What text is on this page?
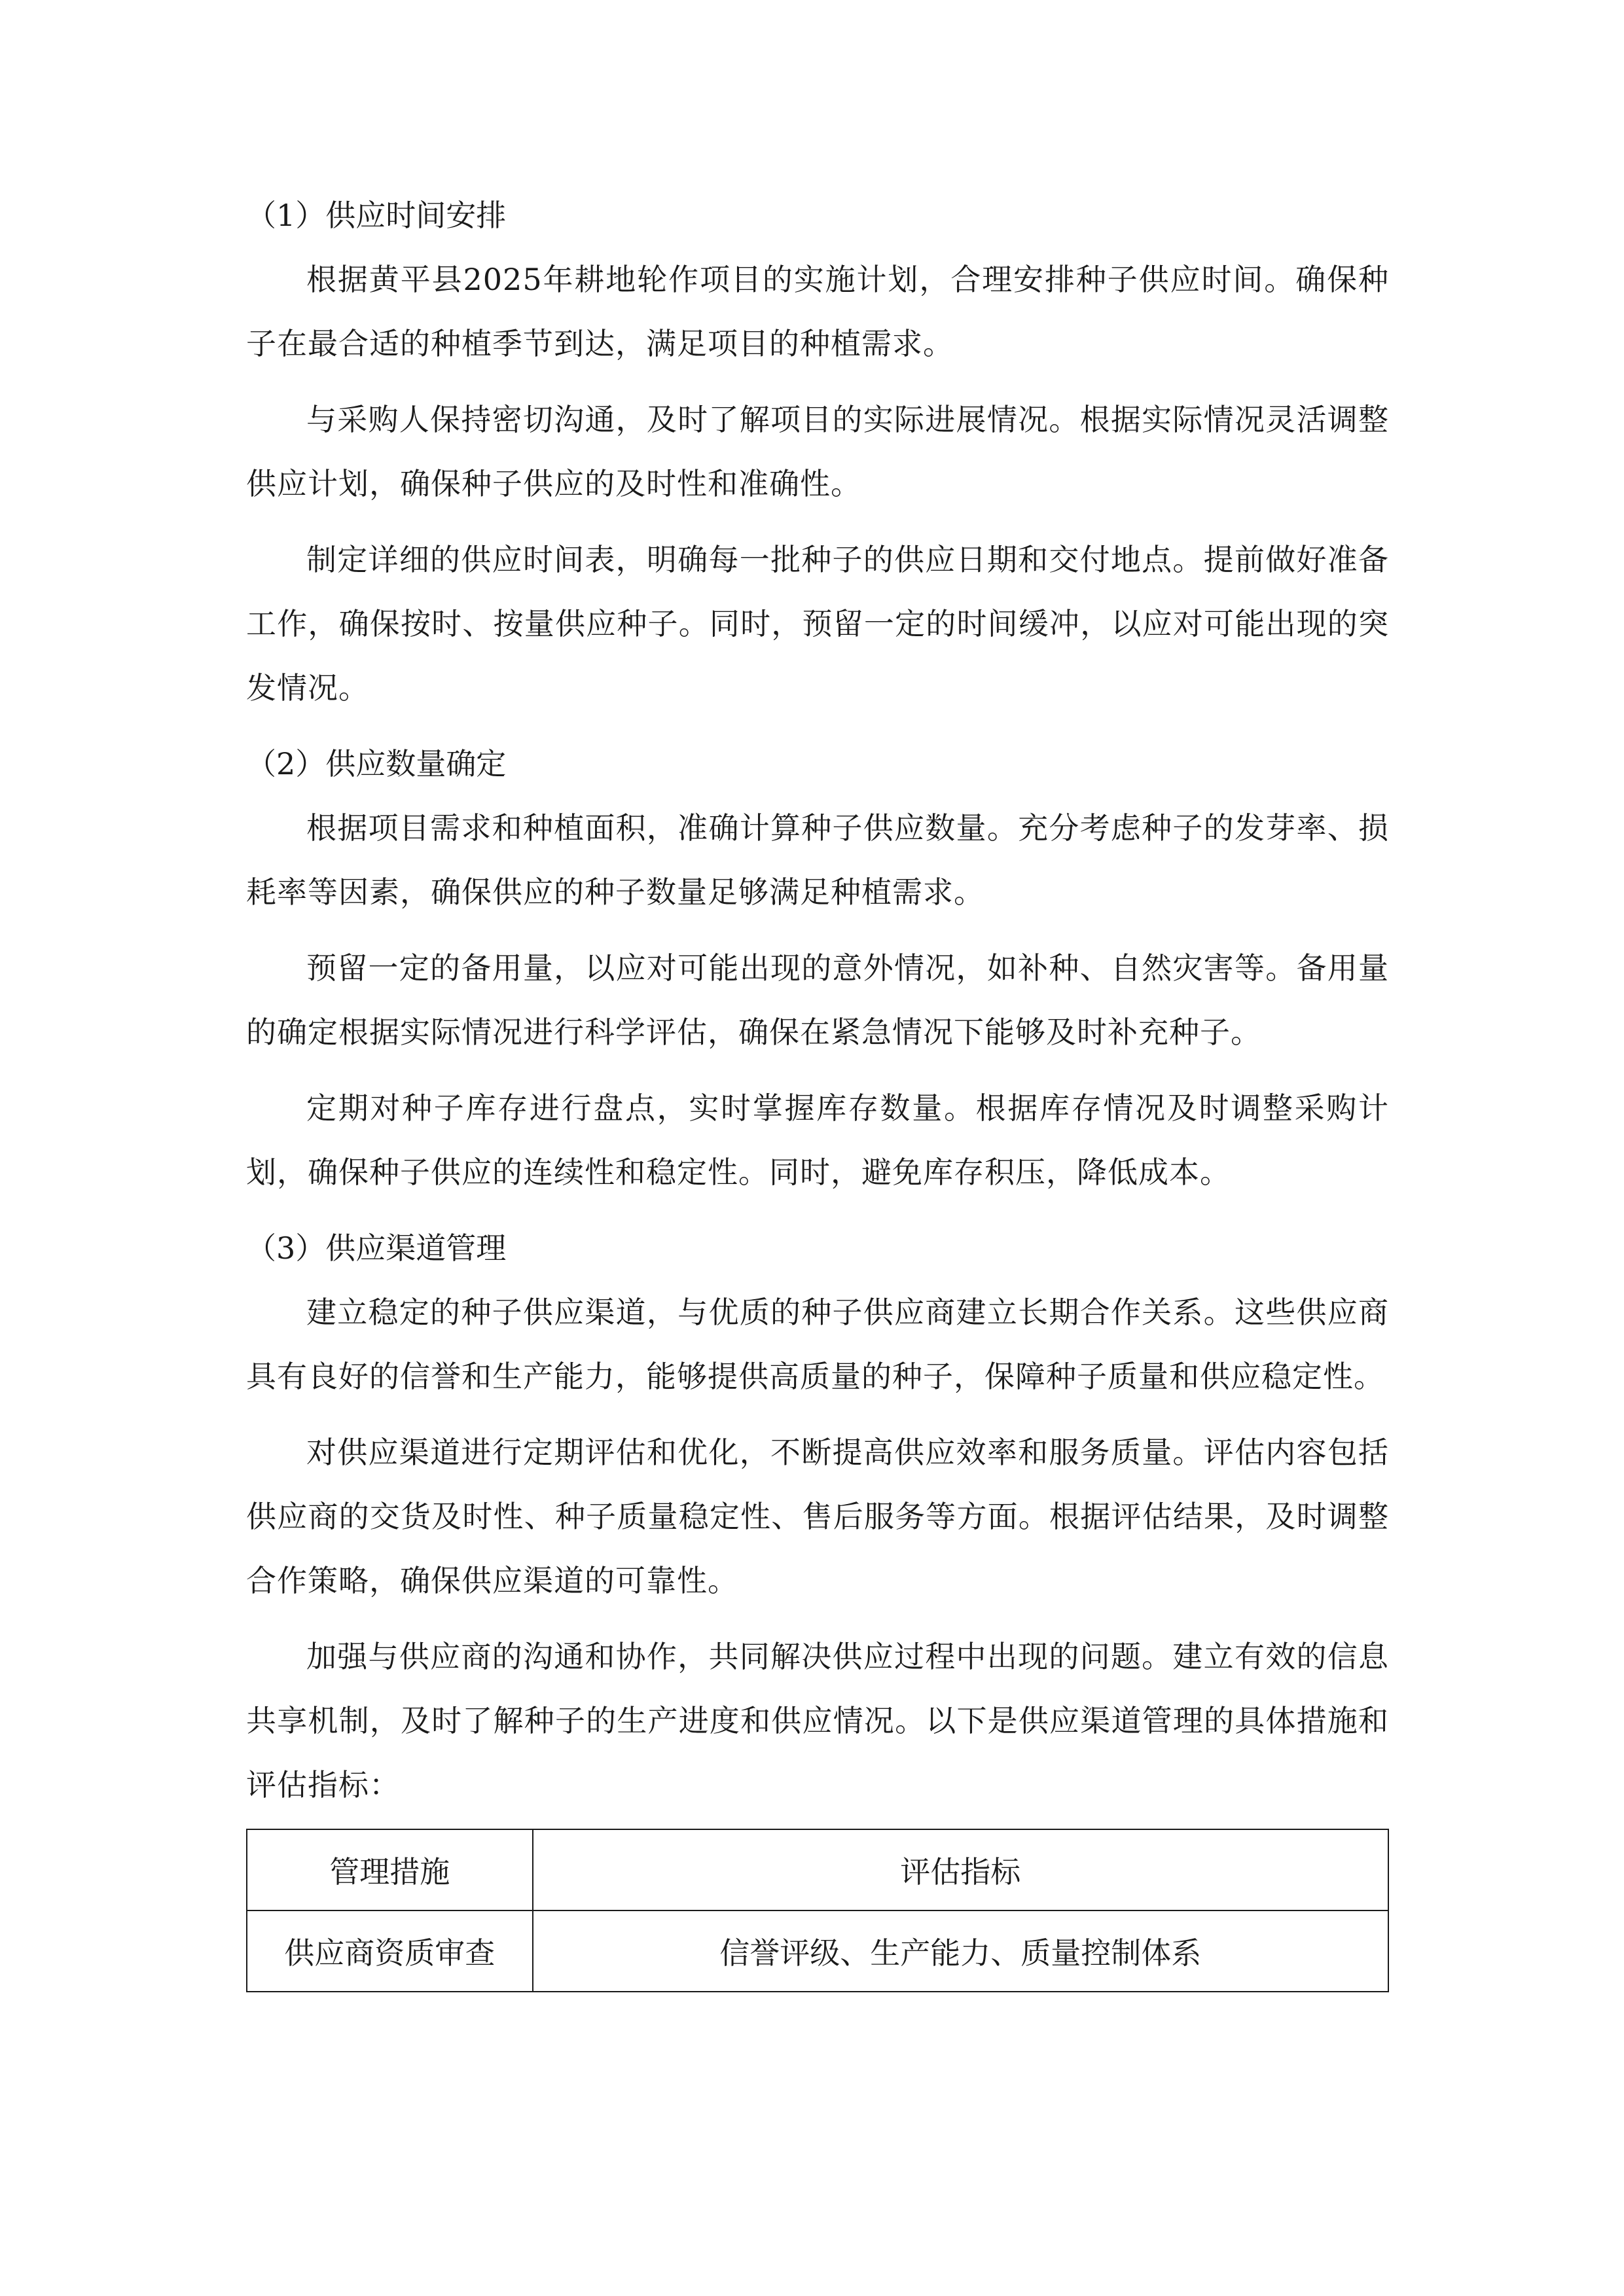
（1）供应时间安排

根据黄平县2025年耕地轮作项目的实施计划，合理安排种子供应时间。确保种子在最合适的种植季节到达，满足项目的种植需求。

与采购人保持密切沟通，及时了解项目的实际进展情况。根据实际情况灵活调整供应计划，确保种子供应的及时性和准确性。

制定详细的供应时间表，明确每一批种子的供应日期和交付地点。提前做好准备工作，确保按时、按量供应种子。同时，预留一定的时间缓冲，以应对可能出现的突发情况。

（2）供应数量确定

根据项目需求和种植面积，准确计算种子供应数量。充分考虑种子的发芽率、损耗率等因素，确保供应的种子数量足够满足种植需求。

预留一定的备用量，以应对可能出现的意外情况，如补种、自然灾害等。备用量的确定根据实际情况进行科学评估，确保在紧急情况下能够及时补充种子。

定期对种子库存进行盘点，实时掌握库存数量。根据库存情况及时调整采购计划，确保种子供应的连续性和稳定性。同时，避免库存积压，降低成本。

（3）供应渠道管理

建立稳定的种子供应渠道，与优质的种子供应商建立长期合作关系。这些供应商具有良好的信誉和生产能力，能够提供高质量的种子，保障种子质量和供应稳定性。

对供应渠道进行定期评估和优化，不断提高供应效率和服务质量。评估内容包括供应商的交货及时性、种子质量稳定性、售后服务等方面。根据评估结果，及时调整合作策略，确保供应渠道的可靠性。

加强与供应商的沟通和协作，共同解决供应过程中出现的问题。建立有效的信息共享机制，及时了解种子的生产进度和供应情况。以下是供应渠道管理的具体措施和评估指标：

管理措施	评估指标
供应商资质审查	信誉评级、生产能力、质量控制体系
